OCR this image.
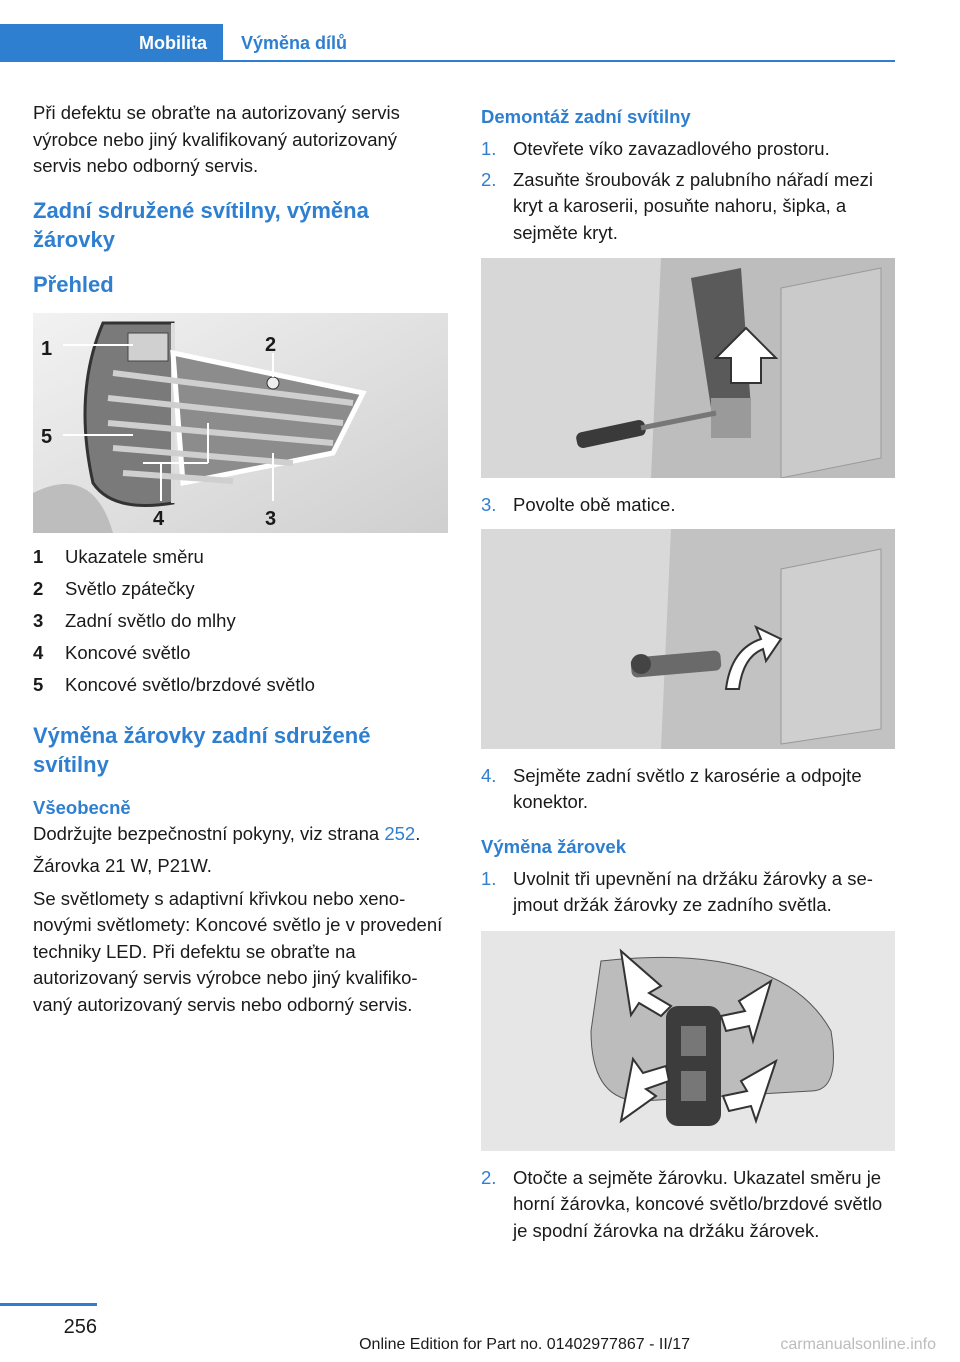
Mobilita	Výměna dílů

Při defektu se obraťte na autorizovaný servis výrobce nebo jiný kvalifikovaný autorizovaný servis nebo odborný servis.

Zadní sdružené svítilny, výměna žárovky
Přehled
1	2
3
4
5
1	Ukazatele směru
2	Světlo zpátečky
3	Zadní světlo do mlhy
4	Koncové světlo
5	Koncové světlo/brzdové světlo
Výměna žárovky zadní sdružené svítilny
Všeobecně

Dodržujte bezpečnostní pokyny, viz strana 252.

Žárovka 21 W, P21W.

Se světlomety s adaptivní křivkou nebo xenonovými světlomety: Koncové světlo je v provedení techniky LED. Při defektu se obraťte na autorizovaný servis výrobce nebo jiný kvalifikovaný autorizovaný servis nebo odborný servis.

Demontáž zadní svítilny
1. Otevřete víko zavazadlového prostoru.
2. Zasuňte šroubovák z palubního nářadí mezi kryt a karoserii, posuňte nahoru, šipka, a sejměte kryt.
3. Povolte obě matice.
4. Sejměte zadní světlo z karosérie a odpojte konektor.
Výměna žárovek
1. Uvolnit tři upevnění na držáku žárovky a sejmout držák žárovky ze zadního světla.
2. Otočte a sejměte žárovku. Ukazatel směru je horní žárovka, koncové světlo/brzdové světlo je spodní žárovka na držáku žárovek.
256
Online Edition for Part no. 01402977867 - II/17	carmanualsonline.info
